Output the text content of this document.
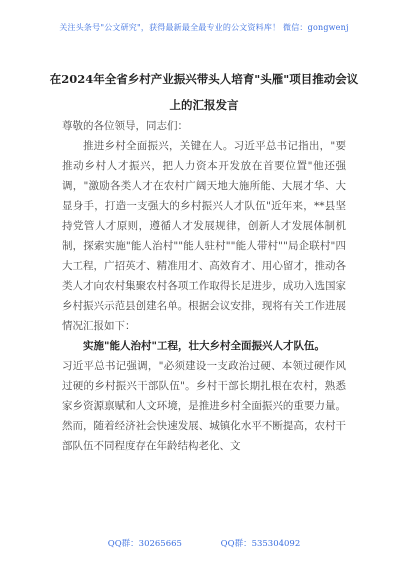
关注头条号"公文研究"，获得最新最全最专业的公文资料库！ 微信：gongwenj
在2024年全省乡村产业振兴带头人培育"头雁"项目推动会议上的汇报发言

尊敬的各位领导，同志们：

推进乡村全面振兴，关键在人。习近平总书记指出，"要推动乡村人才振兴，把人力资本开发放在首要位置"他还强调，"激励各类人才在农村广阔天地大施所能、大展才华、大显身手，打造一支强大的乡村振兴人才队伍"近年来，**县坚持党管人才原则，遵循人才发展规律，创新人才发展体制机制，探索实施"能人治村""能人驻村""能人带村""局企联村"四大工程，广招英才、精准用才、高效育才、用心留才，推动各类人才向农村集聚农村各项工作取得长足进步，成功入选国家乡村振兴示范县创建名单。根据会议安排，现将有关工作进展情况汇报如下：

实施"能人治村"工程，壮大乡村全面振兴人才队伍。

习近平总书记强调，"必须建设一支政治过硬、本领过硬作风过硬的乡村振兴干部队伍"。乡村干部长期扎根在农村，熟悉家乡资源禀赋和人文环境，是推进乡村全面振兴的重要力量。然而，随着经济社会快速发展、城镇化水平不断提高，农村干部队伍不同程度存在年龄结构老化、文

QQ群：30265665	QQ群：535304092
